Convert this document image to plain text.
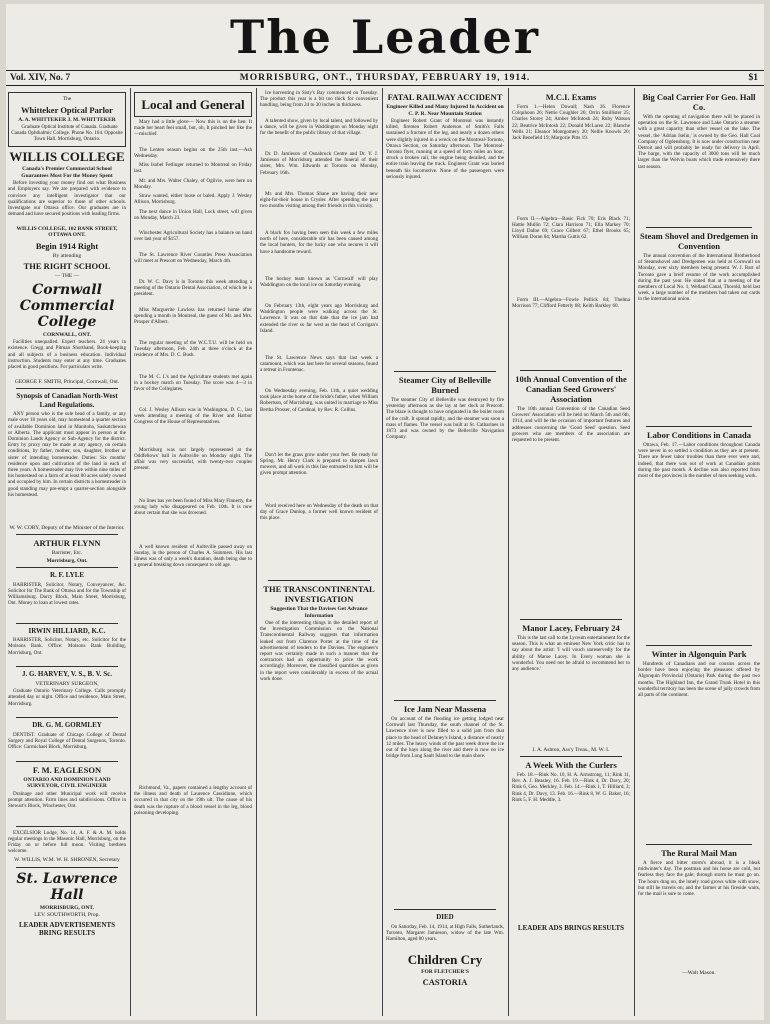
The Leader
Vol. XIV, No. 7	MORRISBURG, ONT., THURSDAY, FEBRUARY 19, 1914.	$1
The
Whitteker Optical Parlor
A. A. WHITTEKER J. M. WHITTEKER
Graduate Optical Institute of Canada. Graduate Canada Ophthalmic College. Phone No. 164. Opposite Town Hall. Morrisburg, Ontario.
WILLIS COLLEGE
Canada's Premier Commercial School Guarantees Most For the Money Spent
Before investing your money find out what Business and Employers say. We are prepared with evidence to convince any intelligent investigator that our qualifications are superior to those of other schools. Investigate our Ottawa office. Our graduates are in demand and have secured positions with leading firms.
WILLIS COLLEGE, 102 BANK STREET, OTTAWA ONT.
Begin 1914 Right
By attending
THE RIGHT SCHOOL
— THE —
Cornwall Commercial College
CORNWALL, ONT.
Facilities unequalled. Expert teachers. 24 years in existence. Gregg and Pitman Shorthand, Book-keeping and all subjects of a business education. Individual instruction. Students may enter at any time. Graduates placed in good positions. For particulars write.
GEORGE F. SMITH, Principal, Cornwall, Ont.
Synopsis of Canadian North-West Land Regulations.
ANY person who is the sole head of a family, or any male over 18 years old, may homestead a quarter section of available Dominion land in Manitoba, Saskatchewan or Alberta. The applicant must appear in person at the Dominion Lands Agency or Sub-Agency for the district. Entry by proxy may be made at any agency, on certain conditions, by father, mother, son, daughter, brother or sister of intending homesteader. Duties: Six months' residence upon and cultivation of the land in each of three years. A homesteader may live within nine miles of his homestead on a farm of at least 80 acres solely owned and occupied by him. In certain districts a homesteader in good standing may pre-empt a quarter-section alongside his homestead.
W. W. CORY, Deputy of the Minister of the Interior.
ARTHUR FLYNN
Barrister, Etc.
Morrisburg, Ont.
R. F. LYLE
BARRISTER, Solicitor, Notary, Conveyancer, &c. Solicitor for The Bank of Ottawa and for the Township of Williamsburg. Darcy Block, Main Street, Morrisburg, Ont. Money to loan at lowest rates.
IRWIN HILLIARD, K.C.
BARRISTER, Solicitor, Notary, etc. Solicitor for the Molsons Bank. Office: Molsons Bank Building, Morrisburg, Ont.
J. G. HARVEY, V. S., B. V. Sc.
VETERINARY SURGEON,
Graduate Ontario Veterinary College. Calls promptly attended day or night. Office and residence, Main Street, Morrisburg.
DR. G. M. GORMLEY
DENTIST. Graduate of Chicago College of Dental Surgery and Royal College of Dental Surgeons, Toronto. Office: Carmichael Block, Morrisburg.
F. M. EAGLESON
ONTARIO AND DOMINION LAND SURVEYOR, CIVIL ENGINEER
Drainage and other Municipal work will receive prompt attention. Farm lines and subdivisions. Office in Stewart's Block, Winchester, Ont.
EXCELSIOR Lodge, No. 14, A. F. & A. M. holds regular meetings in the Masonic Hall, Morrisburg, on the Friday on or before full moon. Visiting brethren welcome.
W. WILLIS, W.M. W. H. SHRONEN, Secretary
St. Lawrence Hall
MORRISBURG, ONT.
LEV. SOUTHWORTH, Prop.
LEADER ADVERTISEMENTS BRING RESULTS
Local and General
Mary had a little glove— Now this is on the hen: It made her heart feel small, but, oh, It pinched her like the—mischief.
The Lenten season begins on the 25th inst.—Ash Wednesday.
Miss Isobel Fetlinger returned to Montreal on Friday last.
Mr. and Mrs. Walter Chaley, of Ogilvie, were here on Monday.
Straw wanted, either loose or baled. Apply J. Wesley Allison, Morrisburg.
The next dance in Union Hall, Lock street, will given on Monday, March 23.
Winchester Agricultural Society has a balance on hand over last year of $157.
The St. Lawrence River Counties Press Association will meet at Prescott on Wednesday, March 4th.
Dr. W. C. Davy is in Toronto this week attending a meeting of the Ontario Dental Association, of which he is president.
Miss Marguerite Lawless has returned home after spending a month in Montreal, the guest of Mr. and Mrs. Prosper d'Albert.
The regular meeting of the W.C.T.U. will be held on Tuesday afternoon, Feb. 24th at three o'clock at the residence of Mrs. D. C. Bush.
The M. C. I.'s and the Agriculture students met again in a hockey match on Tuesday. The score was 4—3 in favor of the Collegiates.
Col. J. Wesley Allison was in Washington, D. C., last week attending a meeting of the River and Harbor Congress of the House of Representatives.
Morrisburg was not largely represented at the Oddfellows' ball in Aultsville on Monday night. The affair was very successful, with twenty-two couples present.
No lines has yet been found of Miss Mary Finnerty, the young lady who disappeared on Feb. 10th. It is now about certain that she was drowned.
A well known resident of Aultsville passed away on Sunday, in the person of Charles A. Summers. His last illness was of only a week's duration, death being due to a general breaking down consequent to old age.
Richmond, Va., papers contained a lengthy account of the illness and death of Laurence Cassidinne, which occurred in that city on the 19th ult. The cause of his death was the rupture of a blood vessel in the leg, blood poisoning developing.
Ice harvesting in Sisty's Bay commenced on Tuesday. The product this year is a bit too thick for convenient handling, being from 24 to 30 inches in thickness.
A talented show, given by local talent, and followed by a dance, will be given in Waddington on Monday night for the benefit of the public library of that village.
Dr. D. Jamieson of Osnabruck Centre and Dr. Y. J. Jamieson of Morrisburg attended the funeral of their sister, Mrs. Wm. Edwards at Toronto on Monday, February 16th.
Mr. and Mrs. Thomas Shane are having their new eight-for-their house in Crysler. After spending the past two months visiting among their friends in this vicinity.
A black fox having been seen this week a few miles north of here, considerable stir has been caused among the local hunters, for the lucky one who secures it will have a handsome reward.
The hockey team known as 'Cornwall' will play Waddington on the local ice on Saturday evening.
On February 13th, eight years ago Morrisburg and Waddington people were walking across the St. Lawrence. It was on that date that the ice jam had extended the river so far west as the head of Corrigan's Island.
The St. Lawrence News says that last week a catamount, which was last here for several seasons, found a retreat in Frontenac.
On Wednesday evening, Feb. 11th, a quiet wedding took place at the home of the bride's father, when William Robertson, of Morrisburg, was united in marriage to Miss Bertha Prosser, of Cardinal, by Rev. R. Collins.
Don't let the grass grow under your feet. Be ready for Spring. Mr. Henry Clark is prepared to sharpen lawn mowers, and all work in this line entrusted to him will be given prompt attention.
Word received here on Wednesday of the death on that day of Grace Dunlop, a former well known resident of this place.
THE TRANSCONTINENTAL INVESTIGATION
Suggestion That the Davises Get Advance Information
One of the interesting things in the detailed report of the Investigation Commission on the National Transcontinental Railway suggests that information leaked out from Clarence Porter at the time of the advertisement of tenders to the Davises. The engineer's report was certainly made in such a manner that the contractors had an opportunity to price the work accordingly. Moreover, the classified quantities as given in the report were considerably in excess of the actual work done.
FATAL RAILWAY ACCIDENT
Engineer Killed and Many Injured In Accident on C. P. R. Near Mountain Station
Engineer Robert Grant of Montreal was instantly killed, firemen Robert Anderson of Smith's Falls sustained a fracture of the leg, and nearly a dozen others were slightly injured in a wreck on the Montreal-Toronto, Ottawa Section, on Saturday afternoon. The Montreal-Toronto flyer, running at a speed of forty miles an hour, struck a broken rail, the engine being derailed, and the entire train leaving the track. Engineer Grant was buried beneath his locomotive. None of the passengers were seriously injured.
Steamer City of Belleville Burned
The steamer City of Belleville was destroyed by fire yesterday afternoon as she lay at her dock at Prescott. The blaze is thought to have originated in the boiler room of the craft. It spread rapidly, and the steamer was soon a mass of flames. The vessel was built at St. Catharines in 1873 and was owned by the Belleville Navigation Company.
Ice Jam Near Massena
On account of the flooding ice getting lodged near Cornwall last Thursday, the south channel of the St. Lawrence river is now filled to a solid jam from that place to the head of Delaney's Island, a distance of nearly 12 miles. The heavy winds of the past week drove the ice out of the bays along the river and there is now no ice bridge from Long Sault Island to the main shore.
DIED
On Saturday, Feb. 14, 1914, at High Falls, Sutherlands, Toronto, Margaret Jamieson, widow of the late Wm. Hamilton, aged 80 years.
Children Cry
FOR FLETCHER'S
CASTORIA
M.C.I. Exams
Form 1.—Helen Dowall; Nash 26. Florence Colquhoun 26; Nettie Coughler 26; Orrin Smillister 25; Charles Storey 24; Amber McIntosh 24; Ruby Watson 22; Beatrice McIntosh 22; Donald McLaren 22; Blanche Wells 21; Eleanor Montgomery 20; Nellie Knowls 20; Jack Benefield 19; Margorie Pitts 19.
Form II.—Algebra—Basic Fick 70; Eris Black 71; Hattie Mullin 72; Clara Harrison 71; Ella Markey 70; Lloyd Dafoe 69; Grace Gilbert 67; Ethel Brooks 65; William Doran 64; Martha Guttis 62.
Form III.—Algebra—Fowle Pellick 84; Thelma Morrison 77; Clifford Fetterly 68; Keith Barkley 60.
10th Annual Convention of the Canadian Seed Growers' Association
The 10th annual Convention of the Canadian Seed Growers' Association will be held on March 5th and 6th, 1914, and will be the occasion of important features and addresses concerning the 'Good Seed' question. Seed growers who are members of the association are requested to be present.
Manor Lacey, February 24
This is the last call to the Lyceum entertainment for the season. This is what an eminent New York critic has to say about the artist: 'I will vouch unreservedly for the ability of Maroe Lacey. In Every woman she is wonderful. You need not be afraid to recommend her to any audience.'
I. A. Ashton, Ass'y Treas., M. W. I.
A Week With the Curlers
Feb. 18.—Rink No. 10, H. A. Armstrong, 11; Rink 11, Rev. A. J. Beasley, 16. Feb. 19.—Rink 4, Dr. Davy, 20; Rink 6, Geo. Merkley, 3. Feb. 14.—Rink 1, T. Hilliard, 3; Rink 4, Dr. Davy, 13. Feb. 16.—Rink 8, W. G. Baker, 16; Rink 5, F. H. Meddle, 3.
LEADER ADS BRINGS RESULTS
Big Coal Carrier For Geo. Hall Co.
With the opening of navigation there will be placed in operation on the St. Lawrence and Lake Ontario a steamer with a great capacity than other vessel on the lake. The vessel, the 'Adrian Iselin,' is owned by the Geo. Hall Coal Company of Ogdensburg. It is now under construction near Detroit and will probably be ready for delivery in April. The barge, with the capacity of 3000 tons will be much larger than the Welvin boats which trade extensively there last season.
Steam Shovel and Dredgemen in Convention
The annual convention of the International Brotherhood of Steamshovel and Dredgemen was held at Cornwall on Monday, over sixty members being present. W. J. Barr of Toronto gave a brief resume of the work accomplished during the past year. He stated that at a meeting of the members of Local No. 1, Welland Canal, Thorold, held last week, a large number of the members had taken out cards in the international union.
Labor Conditions in Canada
Ottawa, Feb. 17.—Labor conditions throughout Canada were never in so settled a condition as they are at present. There are fewer labor troubles than there ever were and, indeed, that there was out of work at Canadian points during the past month. A decline was also reported from most of the provinces in the number of men seeking work.
Winter in Algonquin Park
Hundreds of Canadians and our cousins across the border have been enjoying the pleasures offered by Algonquin Provincial (Ontario) Park during the past two months. The Highland Inn, the Grand Trunk Hotel in this wonderful territory has been the scene of jolly crowds from all parts of the continent.
The Rural Mail Man
A fierce and bitter storm's abroad, it is a bleak midwinter's day. The postman and his horse are cold, but fearless they face the gale; through storm he must go on. The hours drag on, the lonely road grows white with snow, but still he travels on; and the farmer at his fireside waits, for the mail is sure to come.
—Walt Mason.
